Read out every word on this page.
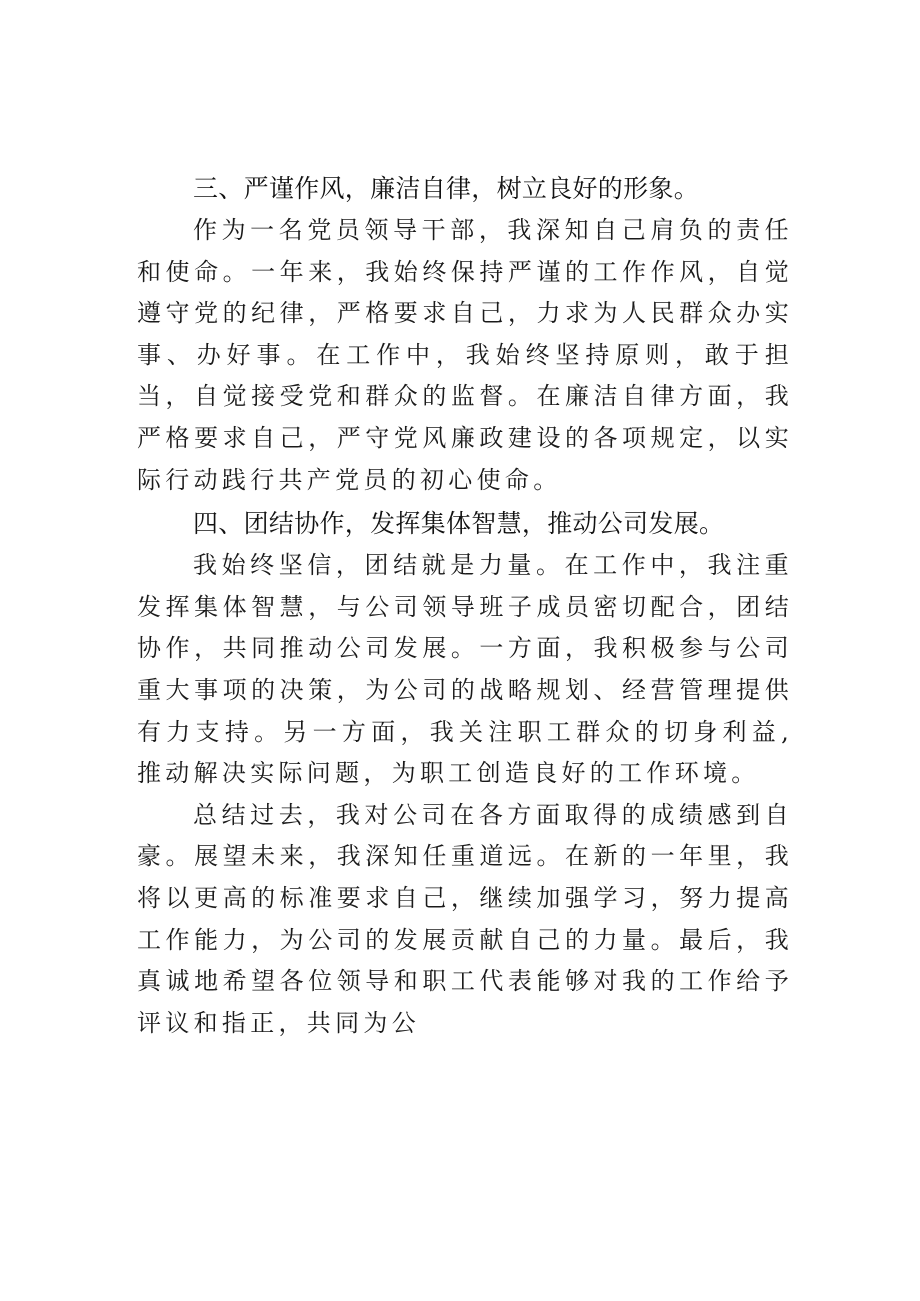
三、严谨作风，廉洁自律，树立良好的形象。

作为一名党员领导干部，我深知自己肩负的责任和使命。一年来，我始终保持严谨的工作作风，自觉遵守党的纪律，严格要求自己，力求为人民群众办实事、办好事。在工作中，我始终坚持原则，敢于担当，自觉接受党和群众的监督。在廉洁自律方面，我严格要求自己，严守党风廉政建设的各项规定，以实际行动践行共产党员的初心使命。

四、团结协作，发挥集体智慧，推动公司发展。

我始终坚信，团结就是力量。在工作中，我注重发挥集体智慧，与公司领导班子成员密切配合，团结协作，共同推动公司发展。一方面，我积极参与公司重大事项的决策，为公司的战略规划、经营管理提供有力支持。另一方面，我关注职工群众的切身利益,推动解决实际问题，为职工创造良好的工作环境。

总结过去，我对公司在各方面取得的成绩感到自豪。展望未来，我深知任重道远。在新的一年里，我将以更高的标准要求自己，继续加强学习，努力提高工作能力，为公司的发展贡献自己的力量。最后，我真诚地希望各位领导和职工代表能够对我的工作给予评议和指正，共同为公
